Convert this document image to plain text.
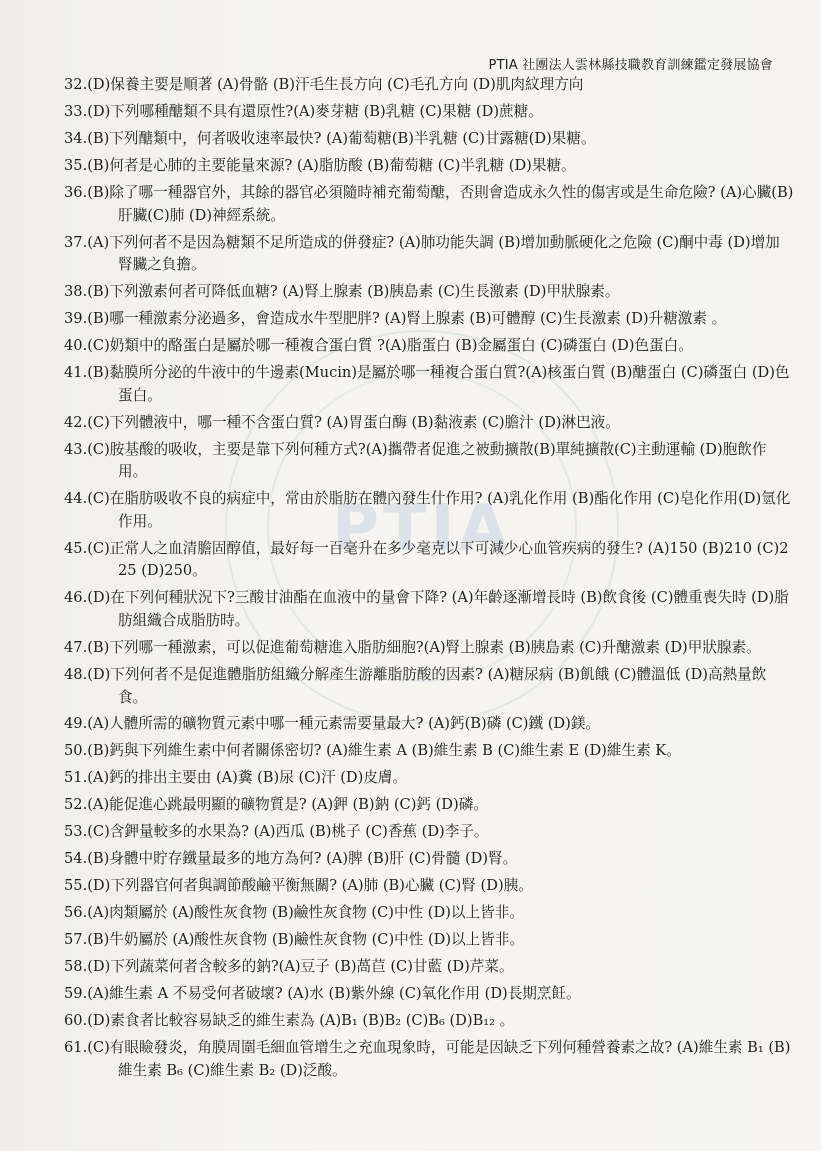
PTIA
PTIA 社團法人雲林縣技職教育訓練鑑定發展協會
32.(D)保養主要是順著 (A)骨骼 (B)汗毛生長方向 (C)毛孔方向 (D)肌肉紋理方向
33.(D)下列哪種醣類不具有還原性?(A)麥芽糖 (B)乳糖 (C)果糖 (D)蔗糖。
34.(B)下列醣類中，何者吸收速率最快? (A)葡萄糖(B)半乳糖 (C)甘露糖(D)果糖。
35.(B)何者是心肺的主要能量來源? (A)脂肪酸 (B)葡萄糖 (C)半乳糖 (D)果糖。
36.(B)除了哪一種器官外，其餘的器官必須隨時補充葡萄醣，否則會造成永久性的傷害或是生命危險? (A)心臟(B)肝臟(C)肺 (D)神經系統。
37.(A)下列何者不是因為糖類不足所造成的併發症? (A)肺功能失調 (B)增加動脈硬化之危險 (C)酮中毒 (D)增加腎臟之負擔。
38.(B)下列激素何者可降低血糖? (A)腎上腺素 (B)胰島素 (C)生長激素 (D)甲狀腺素。
39.(B)哪一種激素分泌過多，會造成水牛型肥胖? (A)腎上腺素 (B)可體醇 (C)生長激素 (D)升糖激素 。
40.(C)奶類中的酪蛋白是屬於哪一種複合蛋白質 ?(A)脂蛋白 (B)金屬蛋白 (C)磷蛋白 (D)色蛋白。
41.(B)黏膜所分泌的牛液中的牛邊素(Mucin)是屬於哪一種複合蛋白質?(A)核蛋白質 (B)醣蛋白 (C)磷蛋白 (D)色蛋白。
42.(C)下列體液中，哪一種不含蛋白質? (A)胃蛋白酶 (B)黏液素 (C)膽汁 (D)淋巴液。
43.(C)胺基酸的吸收，主要是靠下列何種方式?(A)攜帶者促進之被動擴散(B)單純擴散(C)主動運輸 (D)胞飲作用。
44.(C)在脂肪吸收不良的病症中，常由於脂肪在體內發生什作用? (A)乳化作用 (B)酯化作用 (C)皂化作用(D)氫化作用。
45.(C)正常人之血清膽固醇值，最好每一百毫升在多少毫克以下可減少心血管疾病的發生? (A)150 (B)210 (C)225 (D)250。
46.(D)在下列何種狀況下?三酸甘油酯在血液中的量會下降? (A)年齡逐漸增長時 (B)飲食後 (C)體重喪失時 (D)脂肪組織合成脂肪時。
47.(B)下列哪一種激素，可以促進葡萄糖進入脂肪細胞?(A)腎上腺素 (B)胰島素 (C)升醣激素 (D)甲狀腺素。
48.(D)下列何者不是促進體脂肪組織分解產生游離脂肪酸的因素? (A)糖尿病 (B)飢餓 (C)體溫低 (D)高熱量飲食。
49.(A)人體所需的礦物質元素中哪一種元素需要量最大? (A)鈣(B)磷 (C)鐵 (D)鎂。
50.(B)鈣與下列維生素中何者關係密切? (A)維生素 A (B)維生素 B (C)維生素 E (D)維生素 K。
51.(A)鈣的排出主要由 (A)糞 (B)尿 (C)汗 (D)皮膚。
52.(A)能促進心跳最明顯的礦物質是? (A)鉀 (B)鈉 (C)鈣 (D)磷。
53.(C)含鉀量較多的水果為? (A)西瓜 (B)桃子 (C)香蕉 (D)李子。
54.(B)身體中貯存鐵量最多的地方為何? (A)脾 (B)肝 (C)骨髓 (D)腎。
55.(D)下列器官何者與調節酸鹼平衡無關? (A)肺 (B)心臟 (C)腎 (D)胰。
56.(A)肉類屬於 (A)酸性灰食物 (B)鹼性灰食物 (C)中性 (D)以上皆非。
57.(B)牛奶屬於 (A)酸性灰食物 (B)鹼性灰食物 (C)中性 (D)以上皆非。
58.(D)下列蔬菜何者含較多的鈉?(A)豆子 (B)萵苣 (C)甘藍 (D)芹菜。
59.(A)維生素 A 不易受何者破壞? (A)水 (B)紫外線 (C)氧化作用 (D)長期烹飪。
60.(D)素食者比較容易缺乏的維生素為 (A)B₁ (B)B₂ (C)B₆ (D)B₁₂ 。
61.(C)有眼瞼發炎，角膜周圍毛細血管增生之充血現象時，可能是因缺乏下列何種營養素之故? (A)維生素 B₁ (B)維生素 B₆ (C)維生素 B₂ (D)泛酸。
